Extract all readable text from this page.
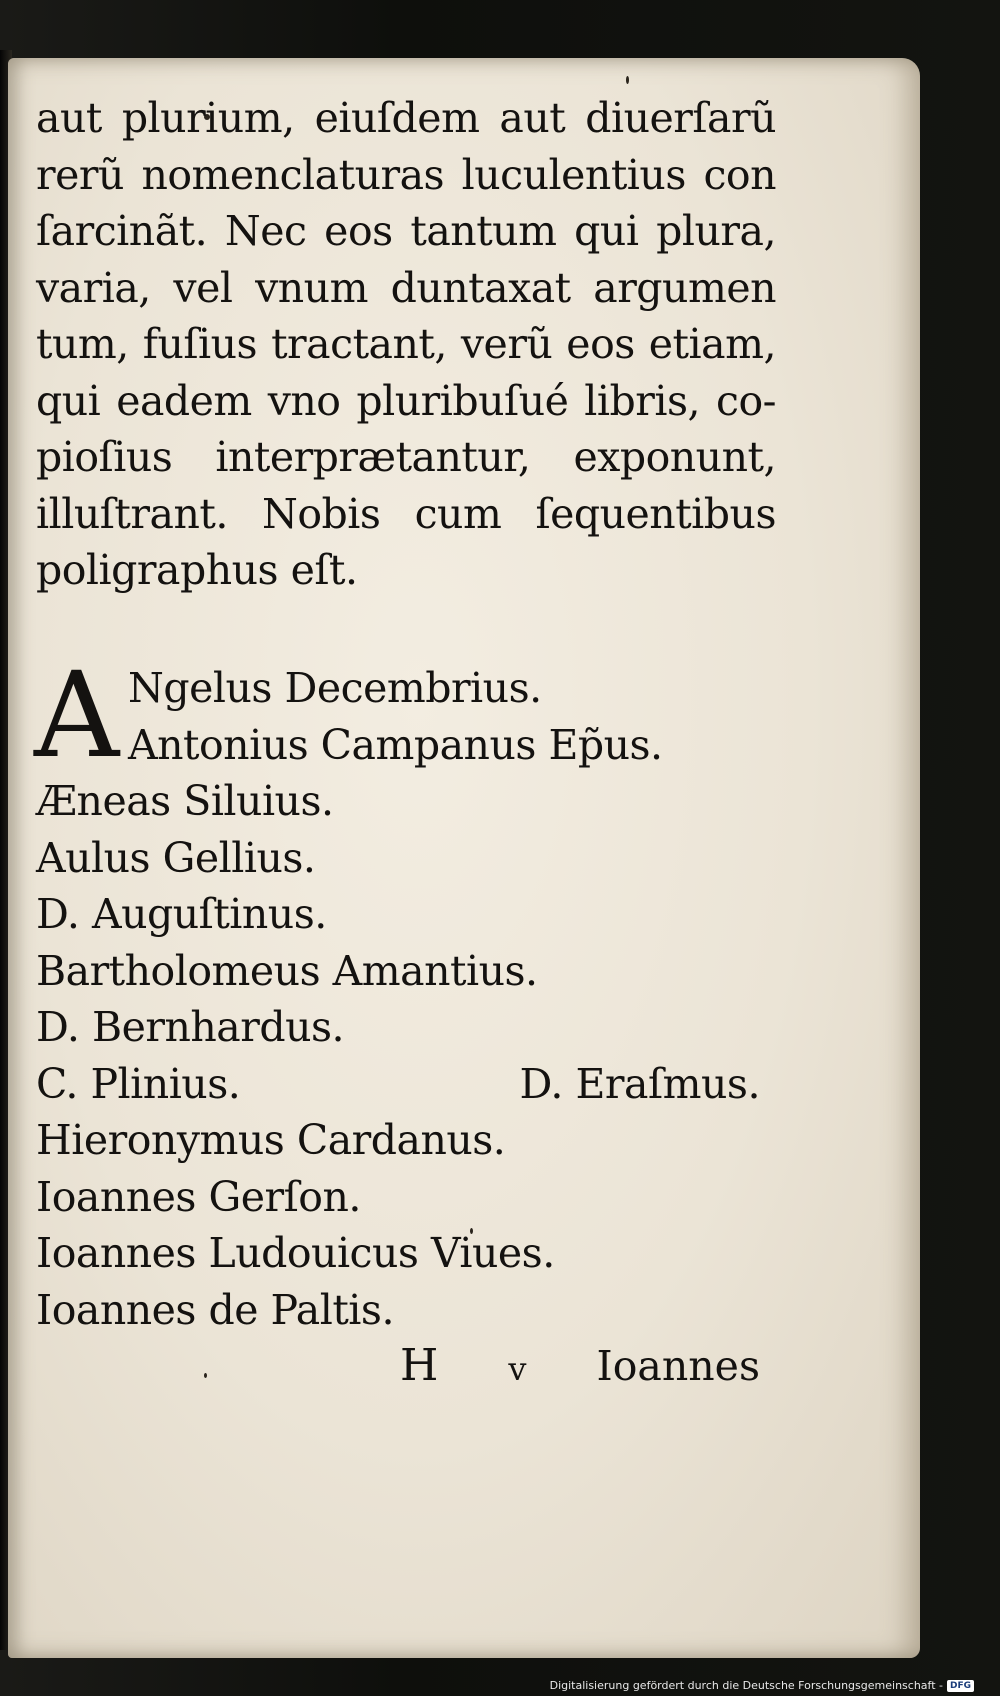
aut plurium, eiuſdem aut diuerſarũ
rerũ nomenclaturas luculentius con
ſarcinãt. Nec eos tantum qui plura,
varia, vel vnum duntaxat argumen
tum, fuſius tractant, verũ eos etiam,
qui eadem vno pluribuſué libris, co-
pioſius interprætantur, exponunt,
illuſtrant. Nobis cum ſequentibus
poligraphus eſt.
A Ngelus Decembrius.
Antonius Campanus Ep̃us.
Æneas Siluius.
Aulus Gellius.
D. Auguſtinus.
Bartholomeus Amantius.
D. Bernhardus.
C. Plinius.	D. Eraſmus.
Hieronymus Cardanus.
Ioannes Gerſon.
Ioannes Ludouicus Viues.
Ioannes de Paltis.
H v Ioannes
Digitalisierung gefördert durch die Deutsche Forschungsgemeinschaft - DFG
